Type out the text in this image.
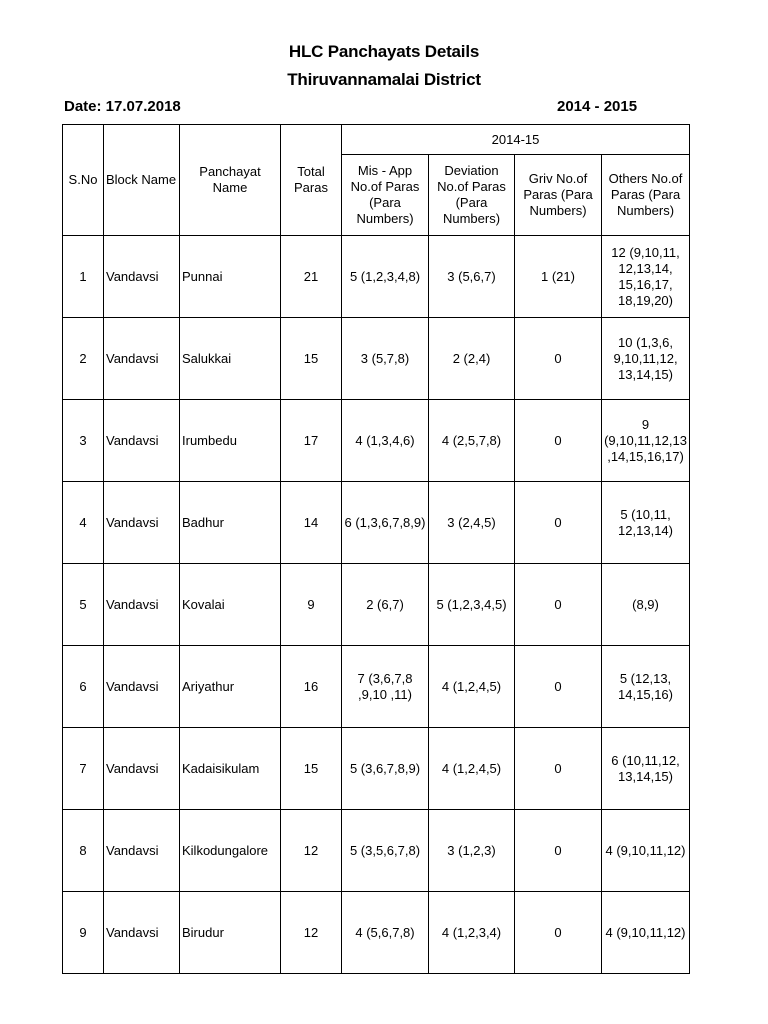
HLC Panchayats Details
Thiruvannamalai District
Date: 17.07.2018	2014 - 2015
S.No	Block Name	Panchayat Name	Total Paras	2014-15			
				Mis - App No.of Paras (Para Numbers)	Deviation No.of Paras (Para Numbers)	Griv No.of Paras (Para Numbers)	Others No.of Paras (Para Numbers)
1	Vandavsi	Punnai	21	5 (1,2,3,4,8)	3 (5,6,7)	1 (21)	12 (9,10,11, 12,13,14, 15,16,17, 18,19,20)
2	Vandavsi	Salukkai	15	3 (5,7,8)	2 (2,4)	0	10 (1,3,6, 9,10,11,12, 13,14,15)
3	Vandavsi	Irumbedu	17	4 (1,3,4,6)	4 (2,5,7,8)	0	9 (9,10,11,12,13,14,15,16,17)
4	Vandavsi	Badhur	14	6 (1,3,6,7,8,9)	3 (2,4,5)	0	5 (10,11, 12,13,14)
5	Vandavsi	Kovalai	9	2 (6,7)	5 (1,2,3,4,5)	0	(8,9)
6	Vandavsi	Ariyathur	16	7 (3,6,7,8 ,9,10 ,11)	4 (1,2,4,5)	0	5 (12,13, 14,15,16)
7	Vandavsi	Kadaisikulam	15	5 (3,6,7,8,9)	4 (1,2,4,5)	0	6 (10,11,12, 13,14,15)
8	Vandavsi	Kilkodungalore	12	5 (3,5,6,7,8)	3 (1,2,3)	0	4 (9,10,11,12)
9	Vandavsi	Birudur	12	4 (5,6,7,8)	4 (1,2,3,4)	0	4 (9,10,11,12)
